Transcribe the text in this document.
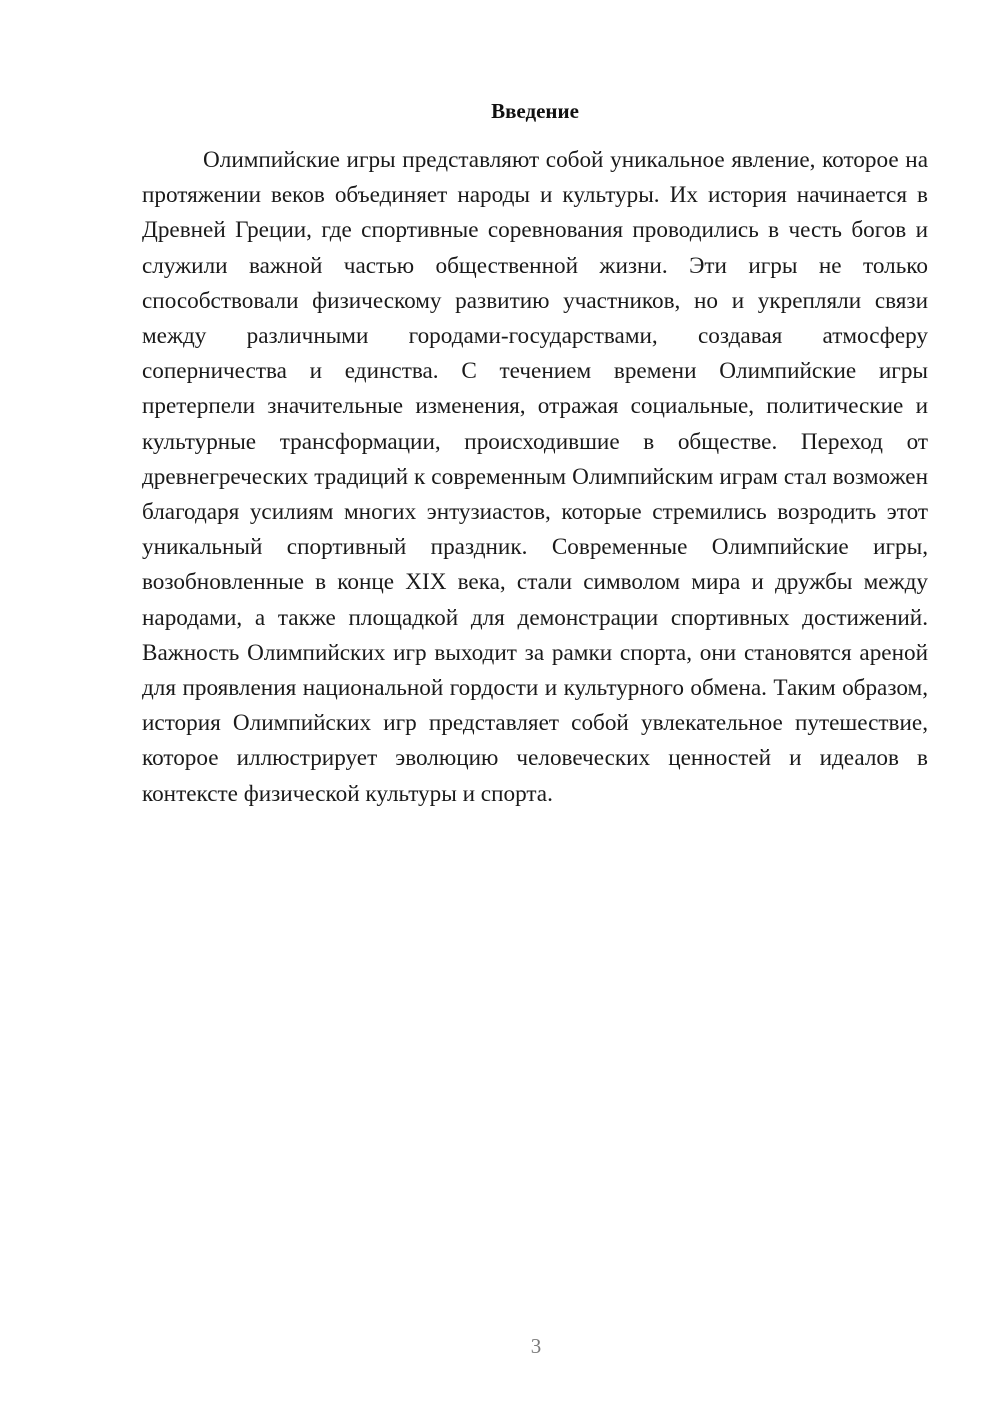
Введение

Олимпийские игры представляют собой уникальное явление, которое на протяжении веков объединяет народы и культуры. Их история начинается в Древней Греции, где спортивные соревнования проводились в честь богов и служили важной частью общественной жизни. Эти игры не только способствовали физическому развитию участников, но и укрепляли связи между различными городами-государствами, создавая атмосферу соперничества и единства. С течением времени Олимпийские игры претерпели значительные изменения, отражая социальные, политические и культурные трансформации, происходившие в обществе. Переход от древнегреческих традиций к современным Олимпийским играм стал возможен благодаря усилиям многих энтузиастов, которые стремились возродить этот уникальный спортивный праздник. Современные Олимпийские игры, возобновленные в конце XIX века, стали символом мира и дружбы между народами, а также площадкой для демонстрации спортивных достижений. Важность Олимпийских игр выходит за рамки спорта, они становятся ареной для проявления национальной гордости и культурного обмена. Таким образом, история Олимпийских игр представляет собой увлекательное путешествие, которое иллюстрирует эволюцию человеческих ценностей и идеалов в контексте физической культуры и спорта.

3
